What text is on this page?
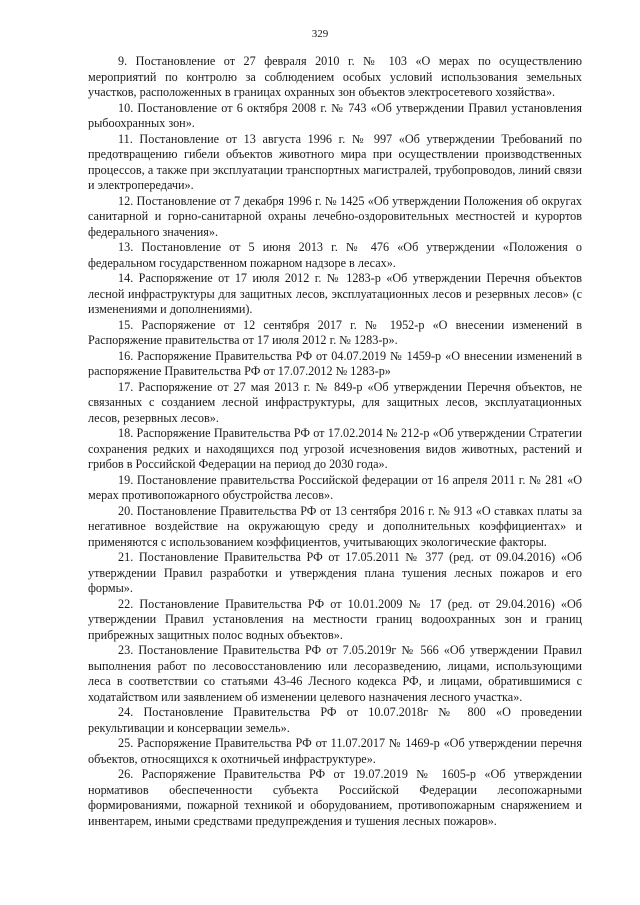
329

9. Постановление от 27 февраля 2010 г. № 103 «О мерах по осуществлению мероприятий по контролю за соблюдением особых условий использования земельных участков, расположенных в границах охранных зон объектов электросетевого хозяйства».

10. Постановление от 6 октября 2008 г. № 743 «Об утверждении Правил установления рыбоохранных зон».

11. Постановление от 13 августа 1996 г. № 997 «Об утверждении Требований по предотвращению гибели объектов животного мира при осуществлении производственных процессов, а также при эксплуатации транспортных магистралей, трубопроводов, линий связи и электропередачи».

12. Постановление от 7 декабря 1996 г. № 1425 «Об утверждении Положения об округах санитарной и горно-санитарной охраны лечебно-оздоровительных местностей и курортов федерального значения».

13. Постановление от 5 июня 2013 г. № 476 «Об утверждении «Положения о федеральном государственном пожарном надзоре в лесах».

14. Распоряжение от 17 июля 2012 г. № 1283-р «Об утверждении Перечня объектов лесной инфраструктуры для защитных лесов, эксплуатационных лесов и резервных лесов» (с изменениями и дополнениями).

15. Распоряжение от 12 сентября 2017 г. № 1952-р «О внесении изменений в Распоряжение правительства от 17 июля 2012 г. № 1283-р».

16. Распоряжение Правительства РФ от 04.07.2019 № 1459-р «О внесении изменений в распоряжение Правительства РФ от 17.07.2012 № 1283-р»

17. Распоряжение от 27 мая 2013 г. № 849-р «Об утверждении Перечня объектов, не связанных с созданием лесной инфраструктуры, для защитных лесов, эксплуатационных лесов, резервных лесов».

18. Распоряжение Правительства РФ от 17.02.2014 № 212-р «Об утверждении Стратегии сохранения редких и находящихся под угрозой исчезновения видов животных, растений и грибов в Российской Федерации на период до 2030 года».

19. Постановление правительства Российской федерации от 16 апреля 2011 г. № 281 «О мерах противопожарного обустройства лесов».

20. Постановление Правительства РФ от 13 сентября 2016 г. № 913 «О ставках платы за негативное воздействие на окружающую среду и дополнительных коэффициентах» и применяются с использованием коэффициентов, учитывающих экологические факторы.

21. Постановление Правительства РФ от 17.05.2011 № 377 (ред. от 09.04.2016) «Об утверждении Правил разработки и утверждения плана тушения лесных пожаров и его формы».

22. Постановление Правительства РФ от 10.01.2009 № 17 (ред. от 29.04.2016) «Об утверждении Правил установления на местности границ водоохранных зон и границ прибрежных защитных полос водных объектов».

23. Постановление Правительства РФ от 7.05.2019г № 566 «Об утверждении Правил выполнения работ по лесовосстановлению или лесоразведению, лицами, использующими леса в соответствии со статьями 43-46 Лесного кодекса РФ, и лицами, обратившимися с ходатайством или заявлением об изменении целевого назначения лесного участка».

24. Постановление Правительства РФ от 10.07.2018г № 800 «О проведении рекультивации и консервации земель».

25. Распоряжение Правительства РФ от 11.07.2017 № 1469-р «Об утверждении перечня объектов, относящихся к охотничьей инфраструктуре».

26. Распоряжение Правительства РФ от 19.07.2019 № 1605-р «Об утверждении нормативов обеспеченности субъекта Российской Федерации лесопожарными формированиями, пожарной техникой и оборудованием, противопожарным снаряжением и инвентарем, иными средствами предупреждения и тушения лесных пожаров».
